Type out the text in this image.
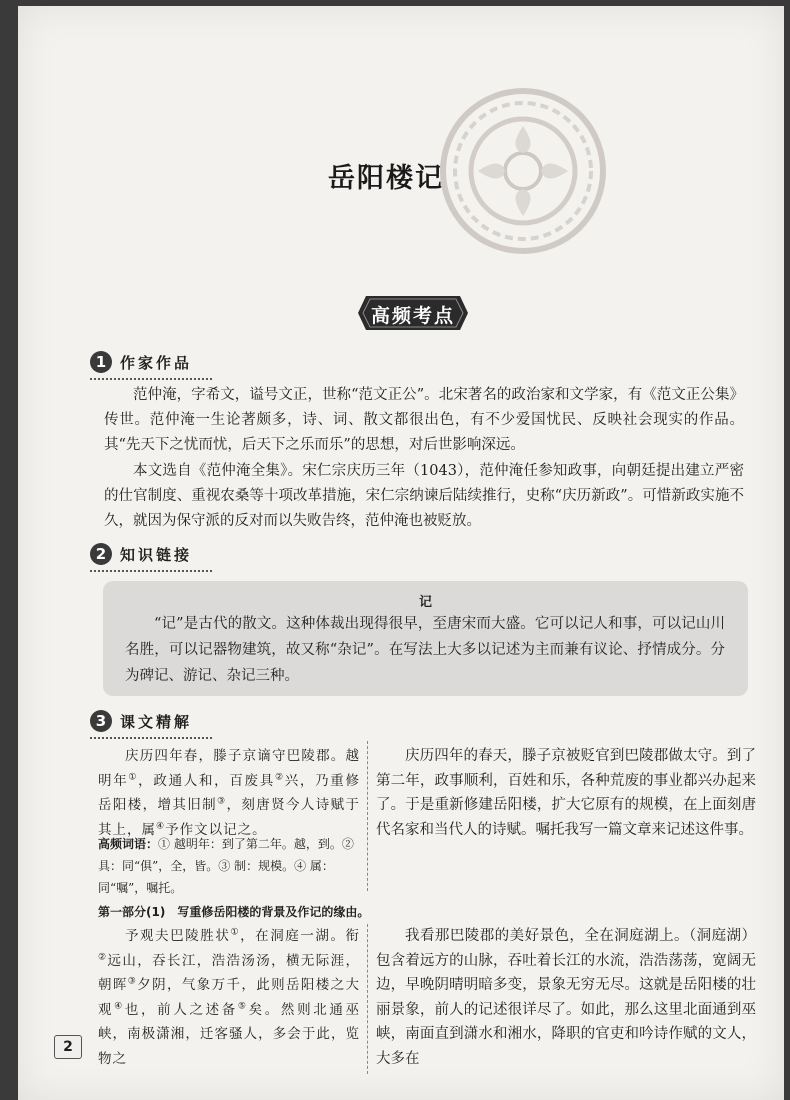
岳阳楼记
高频考点
1 作家作品

范仲淹，字希文，谥号文正，世称“范文正公”。北宋著名的政治家和文学家，有《范文正公集》传世。范仲淹一生论著颇多，诗、词、散文都很出色，有不少爱国忧民、反映社会现实的作品。其“先天下之忧而忧，后天下之乐而乐”的思想，对后世影响深远。

本文选自《范仲淹全集》。宋仁宗庆历三年（1043），范仲淹任参知政事，向朝廷提出建立严密的仕官制度、重视农桑等十项改革措施，宋仁宗纳谏后陆续推行，史称“庆历新政”。可惜新政实施不久，就因为保守派的反对而以失败告终，范仲淹也被贬放。

2 知识链接
记

“记”是古代的散文。这种体裁出现得很早，至唐宋而大盛。它可以记人和事，可以记山川名胜，可以记器物建筑，故又称“杂记”。在写法上大多以记述为主而兼有议论、抒情成分。分为碑记、游记、杂记三种。

3 课文精解

庆历四年春，滕子京谪守巴陵郡。越明年①，政通人和，百废具②兴，乃重修岳阳楼，增其旧制③，刻唐贤今人诗赋于其上，属④予作文以记之。

高频词语：① 越明年：到了第二年。越，到。② 具：同“俱”，全，皆。③ 制：规模。④ 属：同“嘱”，嘱托。

庆历四年的春天，滕子京被贬官到巴陵郡做太守。到了第二年，政事顺利，百姓和乐，各种荒废的事业都兴办起来了。于是重新修建岳阳楼，扩大它原有的规模，在上面刻唐代名家和当代人的诗赋。嘱托我写一篇文章来记述这件事。

第一部分(1)　写重修岳阳楼的背景及作记的缘由。

予观夫巴陵胜状①，在洞庭一湖。衔②远山，吞长江，浩浩汤汤，横无际涯，朝晖③夕阴，气象万千，此则岳阳楼之大观④也，前人之述备⑤矣。然则北通巫峡，南极潇湘，迁客骚人，多会于此，览物之

我看那巴陵郡的美好景色，全在洞庭湖上。（洞庭湖）包含着远方的山脉，吞吐着长江的水流，浩浩荡荡，宽阔无边，早晚阴晴明暗多变，景象无穷无尽。这就是岳阳楼的壮丽景象，前人的记述很详尽了。如此，那么这里北面通到巫峡，南面直到潇水和湘水，降职的官吏和吟诗作赋的文人，大多在

2
